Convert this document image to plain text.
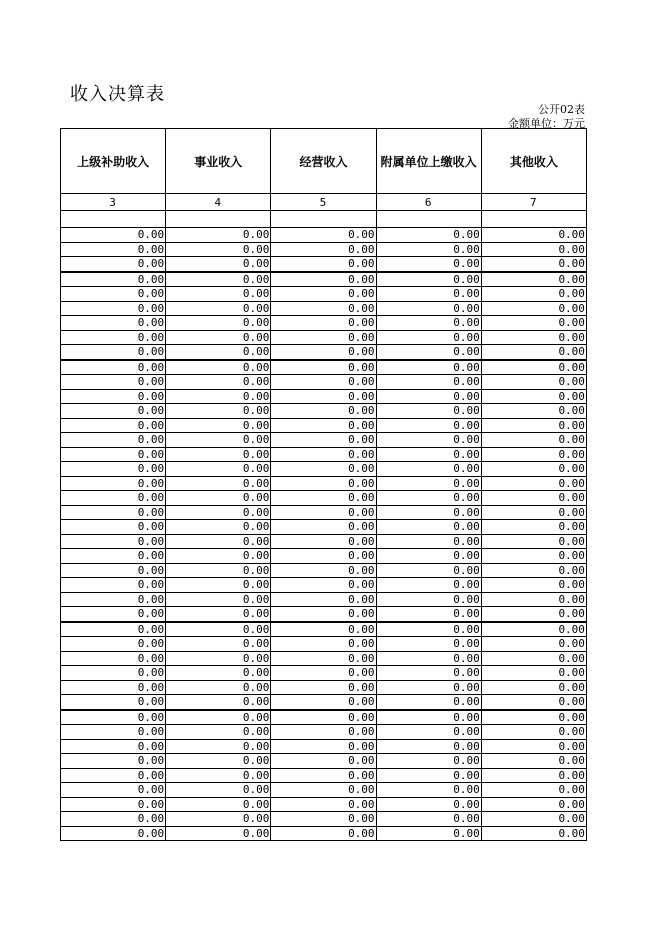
收入决算表
公开02表
金额单位：万元
上级补助收入	事业收入	经营收入	附属单位上缴收入	其他收入
3	4	5	6	7

0.00	0.00	0.00	0.00	0.00
0.00	0.00	0.00	0.00	0.00
0.00	0.00	0.00	0.00	0.00
0.00	0.00	0.00	0.00	0.00
0.00	0.00	0.00	0.00	0.00
0.00	0.00	0.00	0.00	0.00
0.00	0.00	0.00	0.00	0.00
0.00	0.00	0.00	0.00	0.00
0.00	0.00	0.00	0.00	0.00
0.00	0.00	0.00	0.00	0.00
0.00	0.00	0.00	0.00	0.00
0.00	0.00	0.00	0.00	0.00
0.00	0.00	0.00	0.00	0.00
0.00	0.00	0.00	0.00	0.00
0.00	0.00	0.00	0.00	0.00
0.00	0.00	0.00	0.00	0.00
0.00	0.00	0.00	0.00	0.00
0.00	0.00	0.00	0.00	0.00
0.00	0.00	0.00	0.00	0.00
0.00	0.00	0.00	0.00	0.00
0.00	0.00	0.00	0.00	0.00
0.00	0.00	0.00	0.00	0.00
0.00	0.00	0.00	0.00	0.00
0.00	0.00	0.00	0.00	0.00
0.00	0.00	0.00	0.00	0.00
0.00	0.00	0.00	0.00	0.00
0.00	0.00	0.00	0.00	0.00
0.00	0.00	0.00	0.00	0.00
0.00	0.00	0.00	0.00	0.00
0.00	0.00	0.00	0.00	0.00
0.00	0.00	0.00	0.00	0.00
0.00	0.00	0.00	0.00	0.00
0.00	0.00	0.00	0.00	0.00
0.00	0.00	0.00	0.00	0.00
0.00	0.00	0.00	0.00	0.00
0.00	0.00	0.00	0.00	0.00
0.00	0.00	0.00	0.00	0.00
0.00	0.00	0.00	0.00	0.00
0.00	0.00	0.00	0.00	0.00
0.00	0.00	0.00	0.00	0.00
0.00	0.00	0.00	0.00	0.00
0.00	0.00	0.00	0.00	0.00
